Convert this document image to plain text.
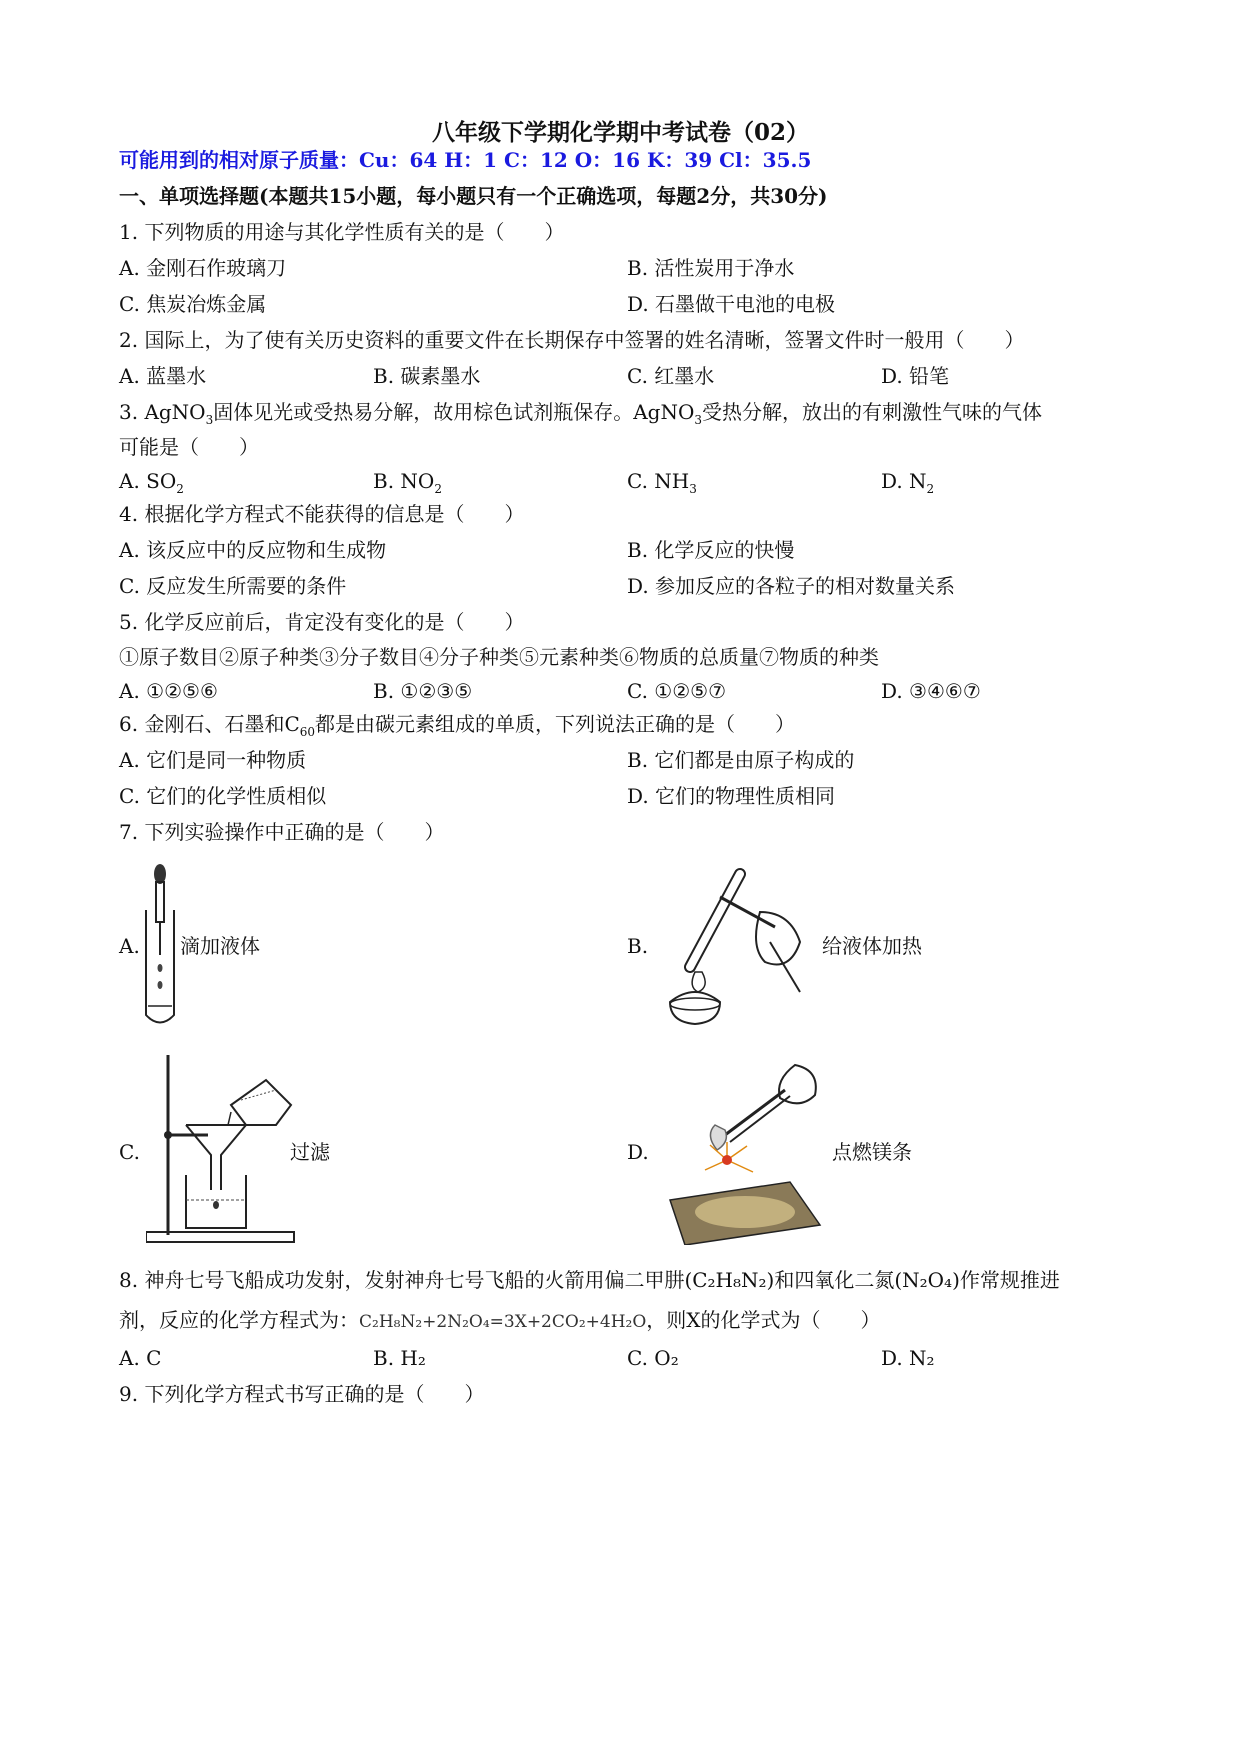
八年级下学期化学期中考试卷（02）
可能用到的相对原子质量：Cu：64 H：1 C：12 O：16 K：39 Cl：35.5
一、单项选择题(本题共15小题，每小题只有一个正确选项，每题2分，共30分)
1. 下列物质的用途与其化学性质有关的是（　　）
A. 金刚石作玻璃刀	B. 活性炭用于净水
C. 焦炭冶炼金属	D. 石墨做干电池的电极
2. 国际上，为了使有关历史资料的重要文件在长期保存中签署的姓名清晰，签署文件时一般用（　　）
A. 蓝墨水	B. 碳素墨水	C. 红墨水	D. 铅笔
3. AgNO$_3$固体见光或受热易分解，故用棕色试剂瓶保存。AgNO$_3$受热分解，放出的有刺激性气味的气体
可能是（　　）
A. $SO_2$	B. $NO_2$	C. $NH_3$	D. $N_2$
4. 根据化学方程式不能获得的信息是（　　）
A. 该反应中的反应物和生成物	B. 化学反应的快慢
C. 反应发生所需要的条件	D. 参加反应的各粒子的相对数量关系
5. 化学反应前后，肯定没有变化的是（　　）
①原子数目②原子种类③分子数目④分子种类⑤元素种类⑥物质的总质量⑦物质的种类
A. ①②⑤⑥	B. ①②③⑤	C. ①②⑤⑦	D. ③④⑥⑦
6. 金刚石、石墨和$C_{60}$都是由碳元素组成的单质，下列说法正确的是（　　）
A. 它们是同一种物质	B. 它们都是由原子构成的
C. 它们的化学性质相似	D. 它们的物理性质相同
7. 下列实验操作中正确的是（　　）
A. 滴加液体	B.	给液体加热
C.	过滤	D.	点燃镁条
8. 神舟七号飞船成功发射，发射神舟七号飞船的火箭用偏二甲肼(C₂H₈N₂)和四氧化二氮(N₂O₄)作常规推进
剂，反应的化学方程式为：C₂H₈N₂+2N₂O₄=3X+2CO₂+4H₂O，则X的化学式为（　　）
A. C	B. H₂	C. O₂	D. N₂
9. 下列化学方程式书写正确的是（　　）
